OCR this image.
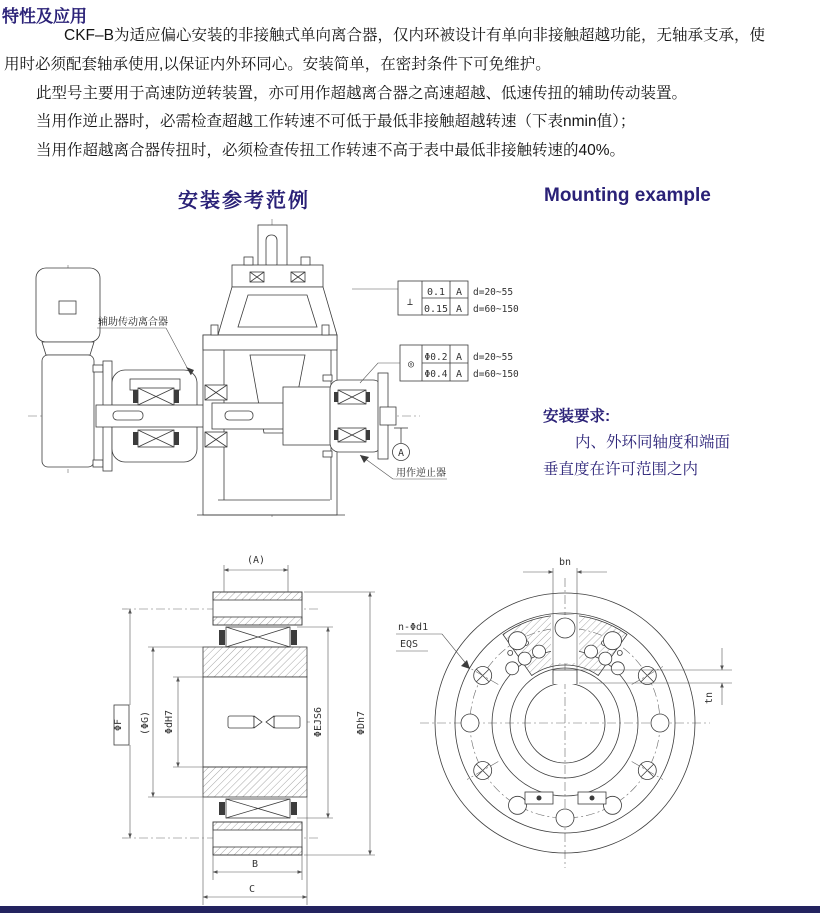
特性及应用
CKF–B为适应偏心安装的非接触式单向离合器，仅内环被设计有单向非接触超越功能，无轴承支承，使
用时必须配套轴承使用,以保证内外环同心。安装简单，在密封条件下可免维护。
此型号主要用于高速防逆转装置，亦可用作超越离合器之高速超越、低速传扭的辅助传动装置。
当用作逆止器时，必需检查超越工作转速不可低于最低非接触超越转速（下表nmin值）；
当用作超越离合器传扭时，必须检查传扭工作转速不高于表中最低非接触转速的40%。
安装参考范例	Mounting example
辅助传动离合器
用作逆止器
⊥
0.1 A d=20~55
0.15 A d=60~150
◎
Φ0.2 A d=20~55
Φ0.4 A d=60~150
A
安装要求:
内、外环同轴度和端面
垂直度在许可范围之内
(A)
ΦF (ΦG) ΦdH7	ΦEJS6	ΦDh7
B
C
bn
tn
n-Φd1
EQS
